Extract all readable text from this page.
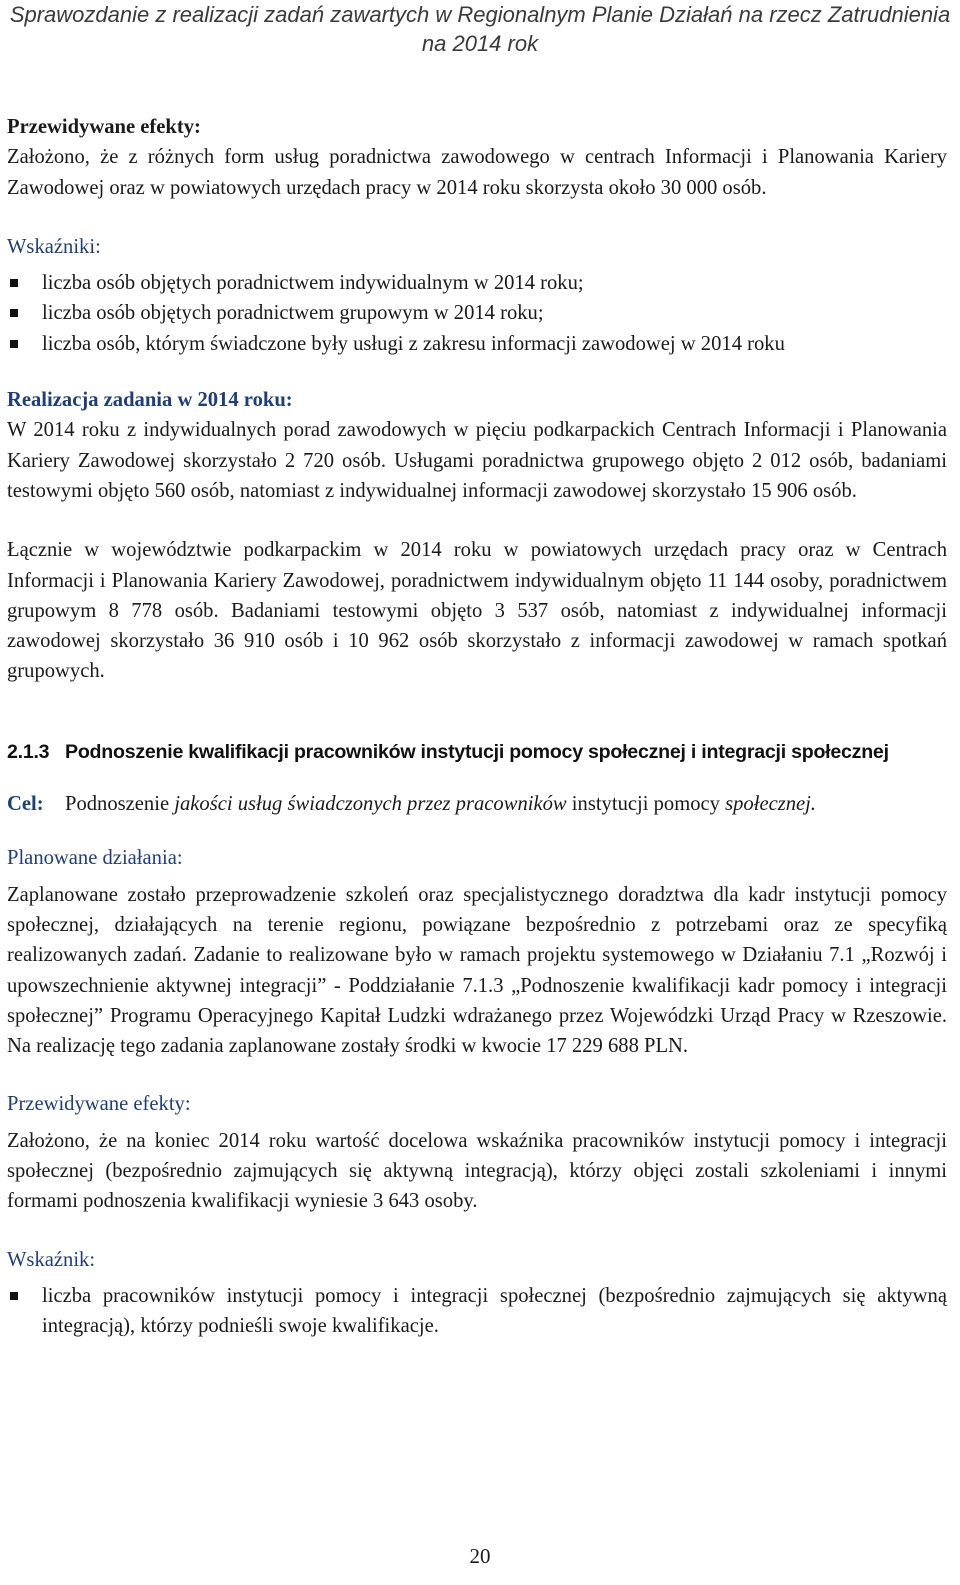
Sprawozdanie z realizacji zadań zawartych w Regionalnym Planie Działań na rzecz Zatrudnienia
na 2014 rok

Przewidywane efekty:

Założono, że z różnych form usług poradnictwa zawodowego w centrach Informacji i Planowania Kariery Zawodowej oraz w powiatowych urzędach pracy w 2014 roku skorzysta około 30 000 osób.

Wskaźniki:

liczba osób objętych poradnictwem indywidualnym w 2014 roku;
liczba osób objętych poradnictwem grupowym w 2014 roku;
liczba osób, którym świadczone były usługi z zakresu informacji zawodowej w 2014 roku

Realizacja zadania w 2014 roku:

W 2014 roku z indywidualnych porad zawodowych w pięciu podkarpackich Centrach Informacji i Planowania Kariery Zawodowej skorzystało 2 720 osób. Usługami poradnictwa grupowego objęto 2 012 osób, badaniami testowymi objęto 560 osób, natomiast z indywidualnej informacji zawodowej skorzystało 15 906 osób.

Łącznie w województwie podkarpackim w 2014 roku w powiatowych urzędach pracy oraz w Centrach Informacji i Planowania Kariery Zawodowej, poradnictwem indywidualnym objęto 11 144 osoby, poradnictwem grupowym 8 778 osób. Badaniami testowymi objęto 3 537 osób, natomiast z indywidualnej informacji zawodowej skorzystało 36 910 osób i 10 962 osób skorzystało z informacji zawodowej w ramach spotkań grupowych.

2.1.3 Podnoszenie kwalifikacji pracowników instytucji pomocy społecznej i integracji społecznej
Cel:	Podnoszenie jakości usług świadczonych przez pracowników instytucji pomocy społecznej.

Planowane działania:

Zaplanowane zostało przeprowadzenie szkoleń oraz specjalistycznego doradztwa dla kadr instytucji pomocy społecznej, działających na terenie regionu, powiązane bezpośrednio z potrzebami oraz ze specyfiką realizowanych zadań. Zadanie to realizowane było w ramach projektu systemowego w Działaniu 7.1 „Rozwój i upowszechnienie aktywnej integracji” - Poddziałanie 7.1.3 „Podnoszenie kwalifikacji kadr pomocy i integracji społecznej” Programu Operacyjnego Kapitał Ludzki wdrażanego przez Wojewódzki Urząd Pracy w Rzeszowie. Na realizację tego zadania zaplanowane zostały środki w kwocie 17 229 688 PLN.

Przewidywane efekty:

Założono, że na koniec 2014 roku wartość docelowa wskaźnika pracowników instytucji pomocy i integracji społecznej (bezpośrednio zajmujących się aktywną integracją), którzy objęci zostali szkoleniami i innymi formami podnoszenia kwalifikacji wyniesie 3 643 osoby.

Wskaźnik:

liczba pracowników instytucji pomocy i integracji społecznej (bezpośrednio zajmujących się aktywną integracją), którzy podnieśli swoje kwalifikacje.
20
